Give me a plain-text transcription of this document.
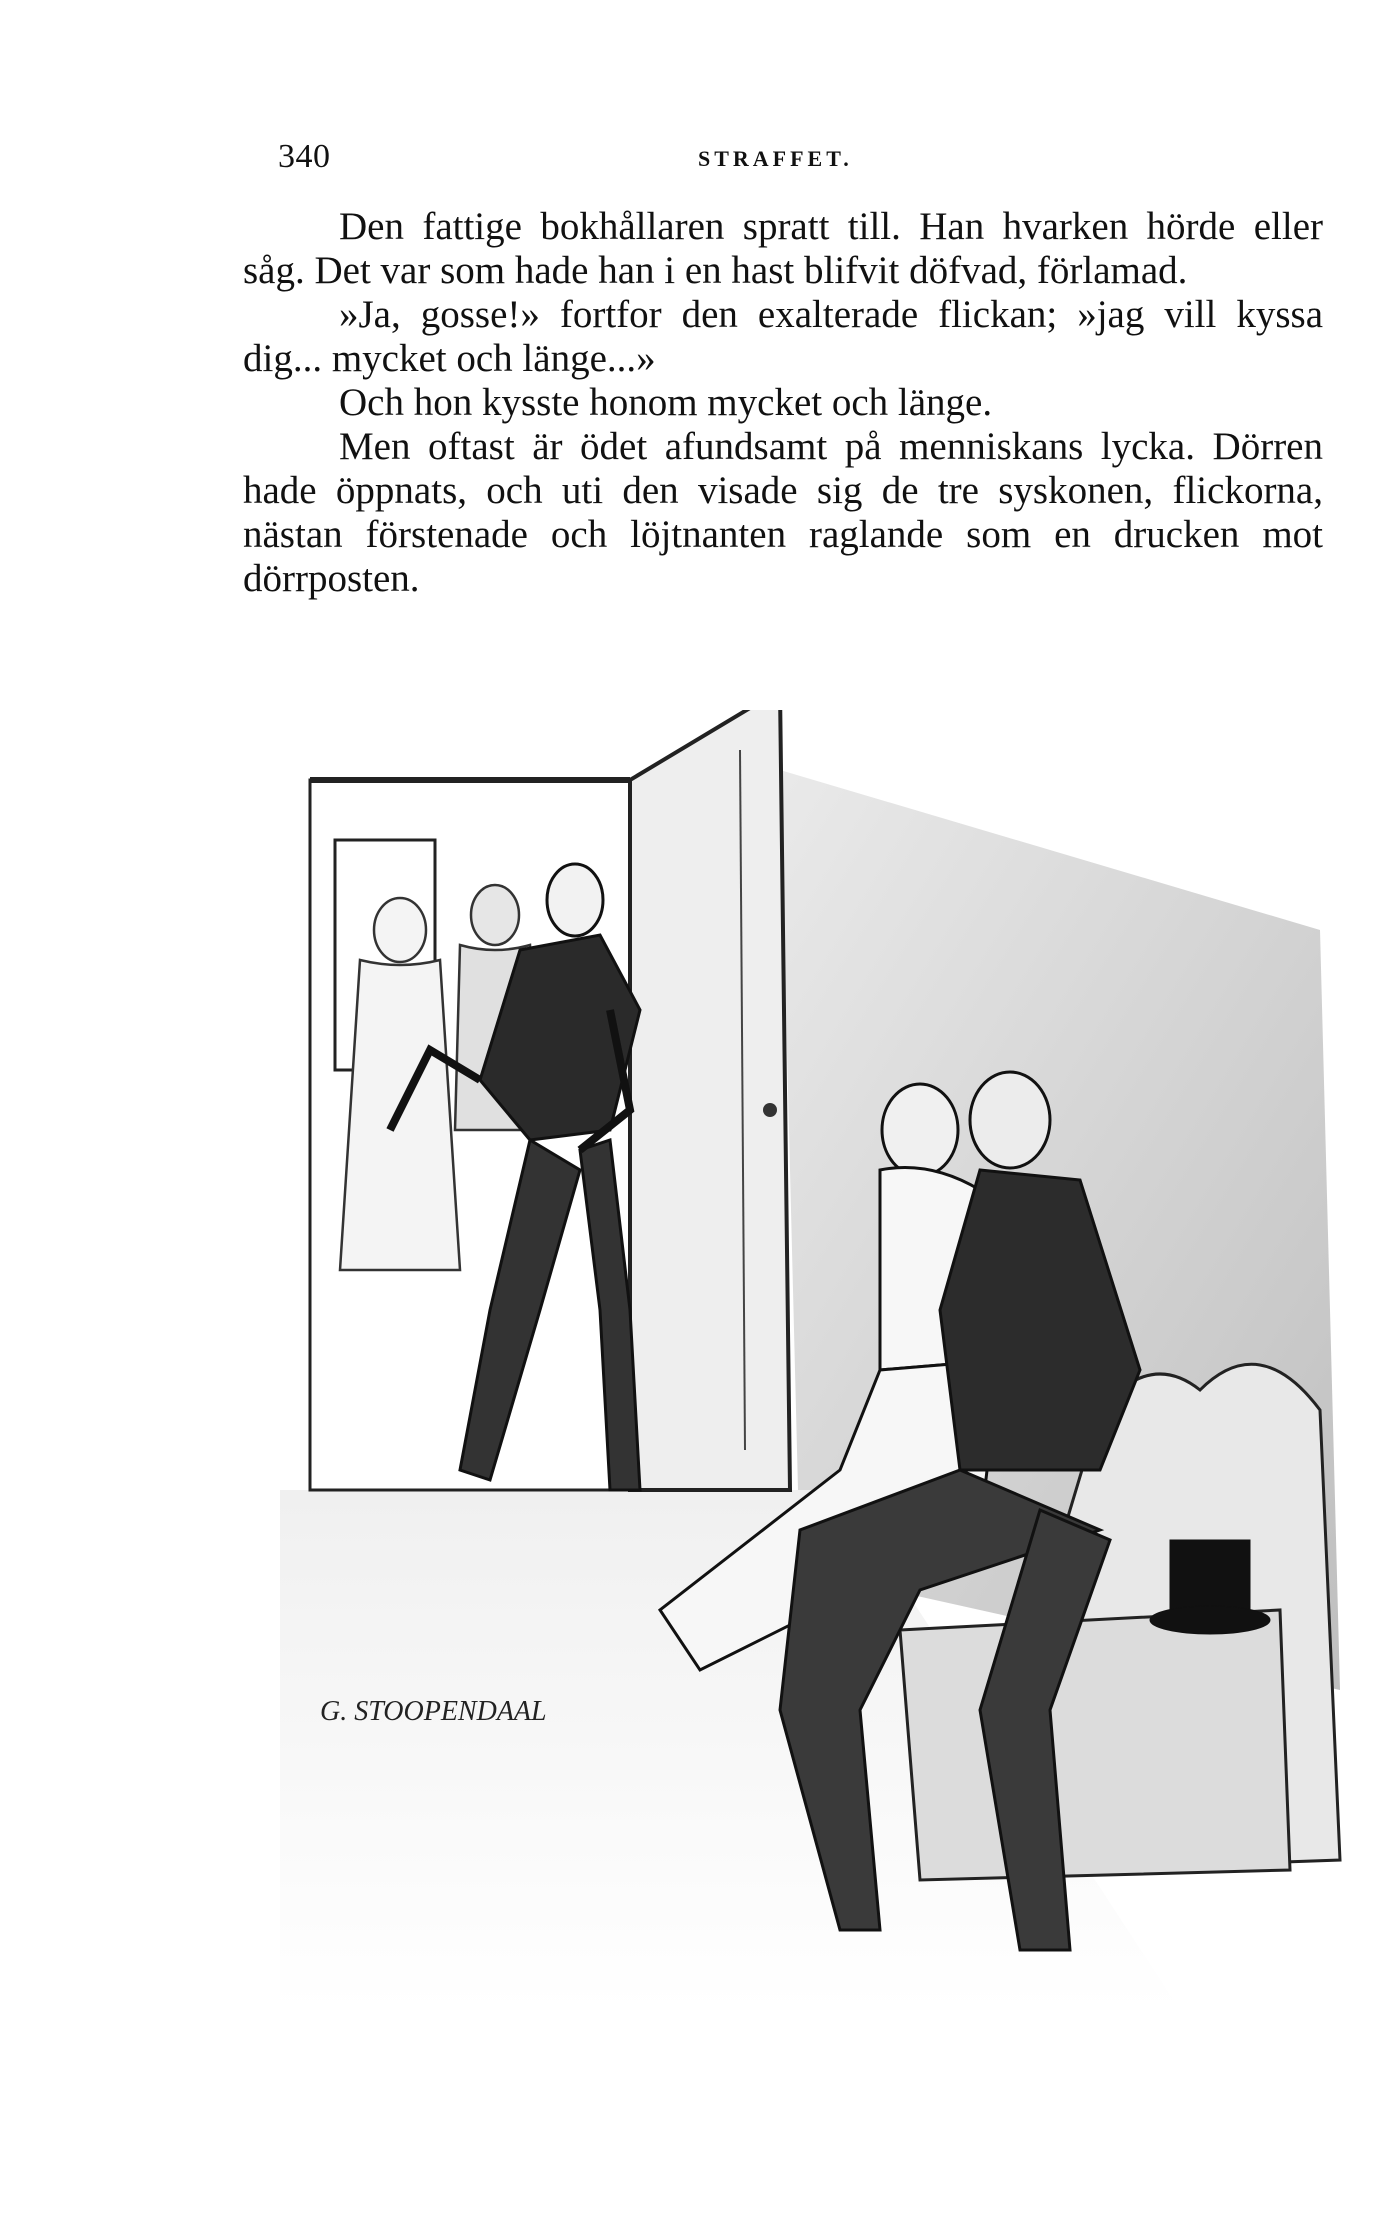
340	STRAFFET.

Den fattige bokhållaren spratt till. Han hvarken hörde eller såg. Det var som hade han i en hast blifvit döfvad, förlamad.

»Ja, gosse!» fortfor den exalterade flickan; »jag vill kyssa dig... mycket och länge...»

Och hon kysste honom mycket och länge.

Men oftast är ödet afundsamt på menniskans lycka. Dörren hade öppnats, och uti den visade sig de tre syskonen, flickorna, nästan förstenade och löjtnanten raglande som en drucken mot dörrposten.

G. STOOPENDAAL
